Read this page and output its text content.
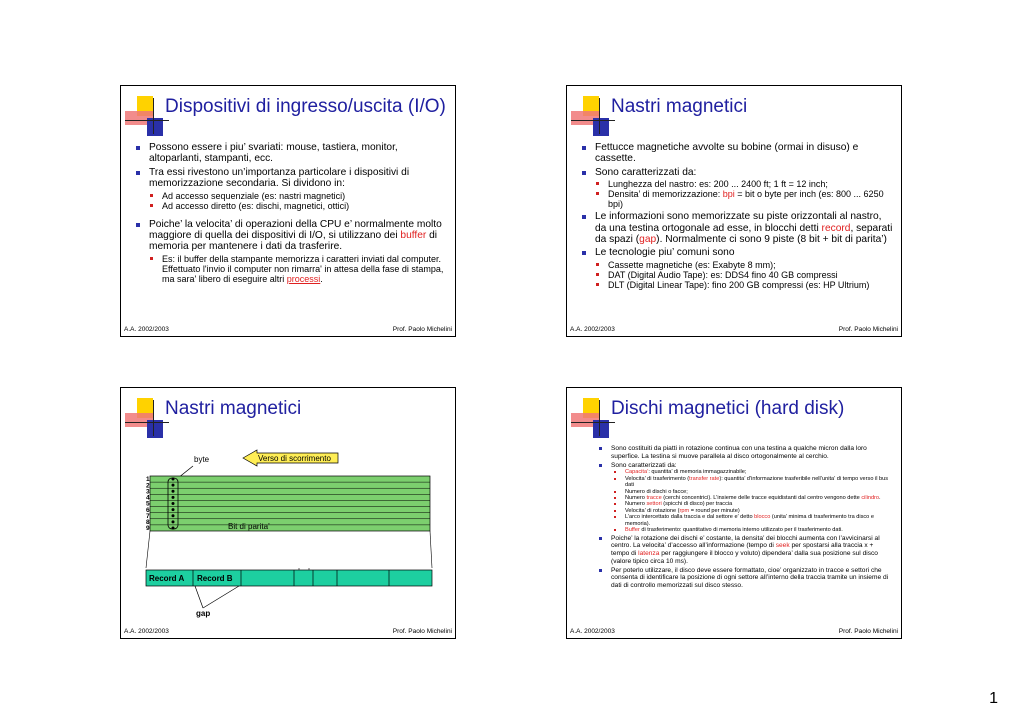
Dispositivi di ingresso/uscita (I/O)
Possono essere i piu’ svariati: mouse, tastiera, monitor, altoparlanti, stampanti, ecc.
Tra essi rivestono un’importanza particolare i dispositivi di memorizzazione secondaria. Si dividono in:
Ad accesso sequenziale (es: nastri magnetici)
Ad accesso diretto (es: dischi, magnetici, ottici)
Poiche’ la velocita’ di operazioni della CPU e’ normalmente molto maggiore di quella dei dispositivi di I/O, si utilizzano dei buffer di memoria per mantenere i dati da trasferire.
Es: il buffer della stampante memorizza i caratteri inviati dal computer. Effettuato l'invio il computer non rimarra' in attesa della fase di stampa, ma sara' libero di eseguire altri processi.
A.A. 2002/2003	Prof. Paolo Michelini
Nastri magnetici
Fettucce magnetiche avvolte su bobine (ormai in disuso) e cassette.
Sono caratterizzati da:
Lunghezza del nastro: es: 200 ... 2400 ft; 1 ft = 12 inch;
Densita’ di memorizzazione: bpi = bit o byte per inch (es: 800 ... 6250 bpi)
Le informazioni sono memorizzate su piste orizzontali al nastro, da una testina ortogonale ad esse, in blocchi detti record, separati da spazi (gap). Normalmente ci sono 9 piste (8 bit + bit di parita’)
Le tecnologie piu’ comuni sono
Cassette magnetiche (es: Exabyte 8 mm);
DAT (Digital Audio Tape): es: DDS4 fino 40 GB compressi
DLT (Digital Linear Tape): fino 200 GB compressi (es: HP Ultrium)
A.A. 2002/2003	Prof. Paolo Michelini
Nastri magnetici
byte	Verso di scorrimento
1
2
3
4
5
6
7
8
9	Bit di parita’
Record A Record B
gap
A.A. 2002/2003	Prof. Paolo Michelini
Dischi magnetici (hard disk)
Sono costituiti da piatti in rotazione continua con una testina a qualche micron dalla loro superfice. La testina si muove parallela al disco ortogonalmente al cerchio.
Sono caratterizzati da:
Capacita’: quantita’ di memoria immagazzinabile;
Velocita’ di trasferimento (transfer rate): quantita’ d’informazione trasferibile nell’unita’ di tempo verso il bus dati
Numero di dischi o facce;
Numero tracce (cerchi concentrici). L’insieme delle tracce equidistanti dal centro vengono dette cilindro.
Numero settori (spicchi di disco) per traccia
Velocita’ di rotazione (rpm = round per minute)
L’arco intercettato dalla traccia e dal settore e’ detto blocco (unita’ minima di trasferimento tra disco e memoria).
Buffer di trasferimento: quantitativo di memoria interno utilizzato per il trasferimento dati.
Poiche’ la rotazione dei dischi e’ costante, la densita’ dei blocchi aumenta con l’avvicinarsi al centro. La velocita’ d’accesso all’informazione (tempo di seek per spostarsi alla traccia x + tempo di latenza per raggiungere il blocco y voluto) dipendera’ dalla sua posizione sul disco (valore tipico circa 10 ms).
Per poterlo utilizzare, il disco deve essere formattato, cioe’ organizzato in tracce e settori che consenta di identificare la posizione di ogni settore all’interno della traccia tramite un insieme di dati di controllo memorizzati sul disco stesso.
A.A. 2002/2003	Prof. Paolo Michelini
1
